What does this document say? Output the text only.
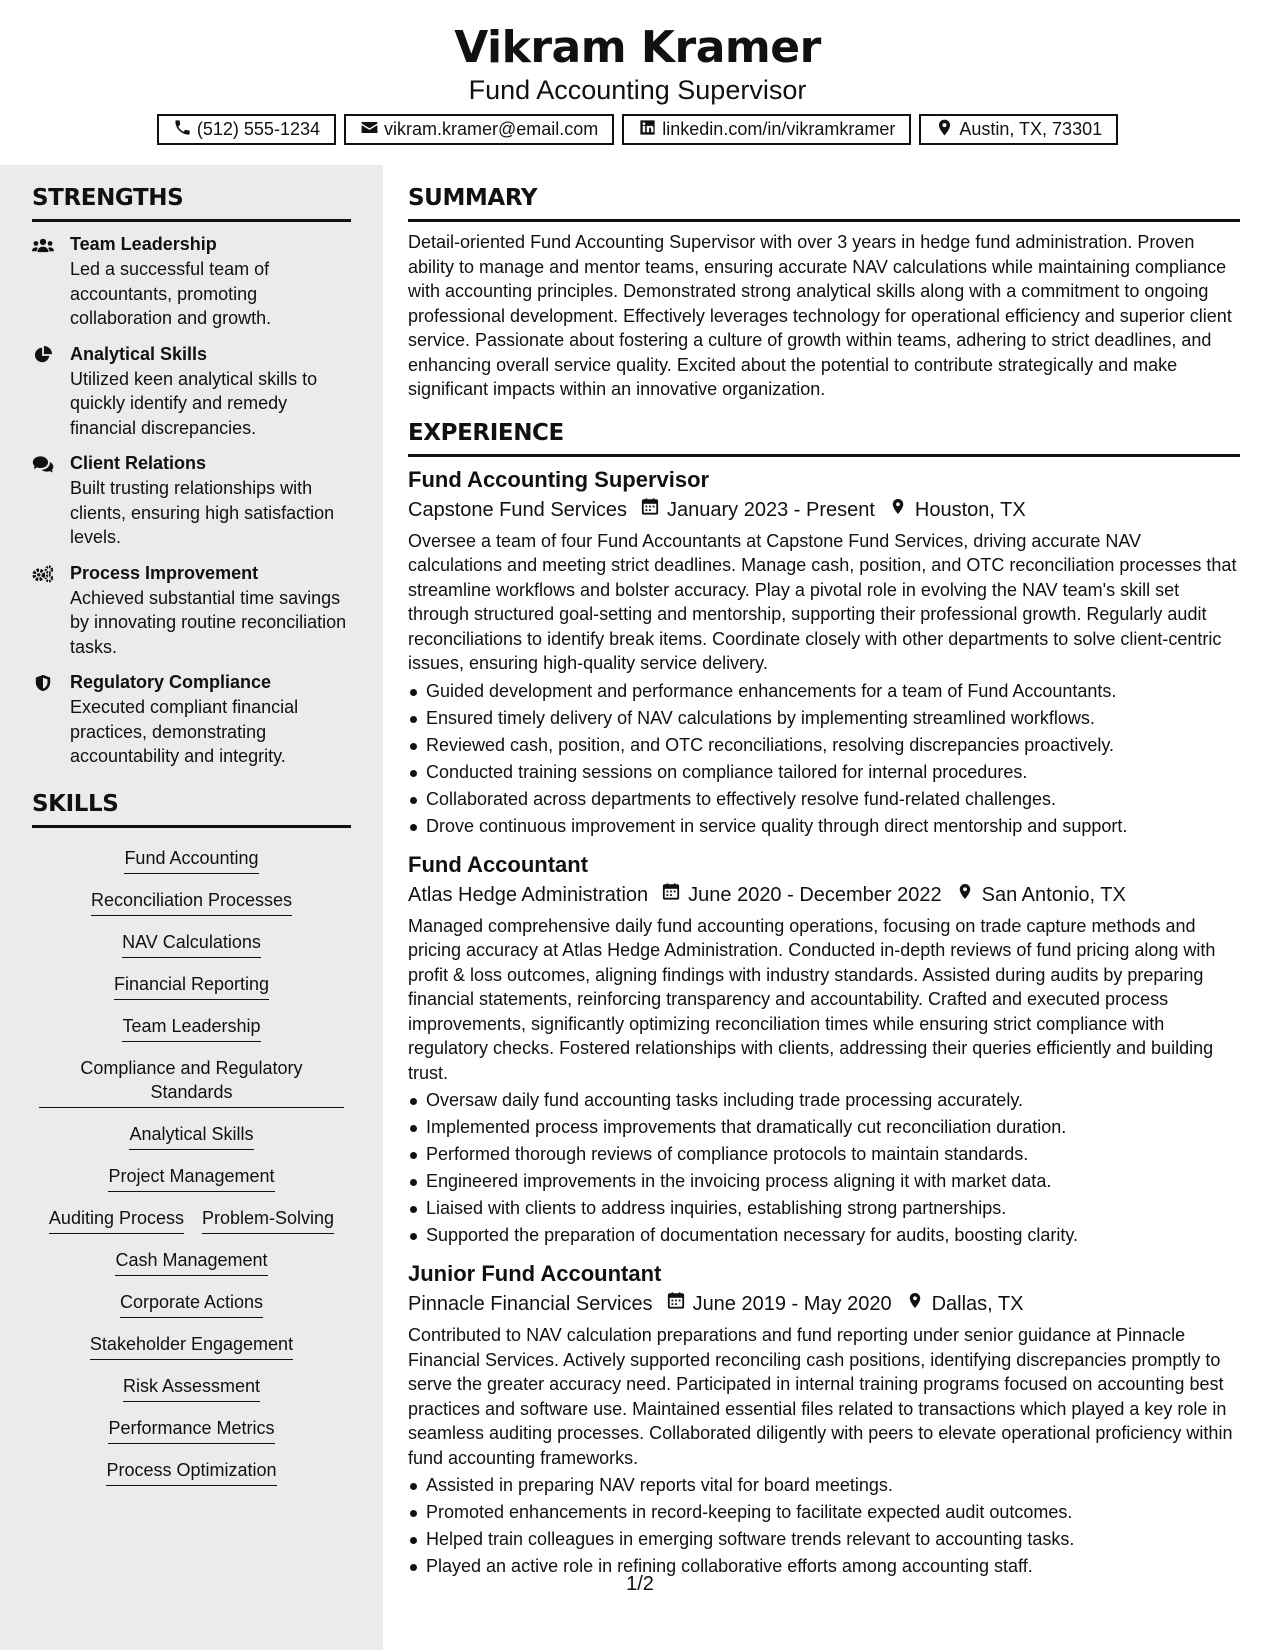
Vikram Kramer
Fund Accounting Supervisor
(512) 555-1234	vikram.kramer@email.com	linkedin.com/in/vikramkramer	Austin, TX, 73301
STRENGTHS
Team Leadership
Led a successful team of accountants, promoting collaboration and growth.
Analytical Skills
Utilized keen analytical skills to quickly identify and remedy financial discrepancies.
Client Relations
Built trusting relationships with clients, ensuring high satisfaction levels.
Process Improvement
Achieved substantial time savings by innovating routine reconciliation tasks.
Regulatory Compliance
Executed compliant financial practices, demonstrating accountability and integrity.
SKILLS
Fund Accounting
Reconciliation Processes
NAV Calculations
Financial Reporting
Team Leadership
Compliance and Regulatory Standards
Analytical Skills
Project Management
Auditing Process Problem-Solving
Cash Management
Corporate Actions
Stakeholder Engagement
Risk Assessment
Performance Metrics
Process Optimization
SUMMARY
Detail-oriented Fund Accounting Supervisor with over 3 years in hedge fund administration. Proven ability to manage and mentor teams, ensuring accurate NAV calculations while maintaining compliance with accounting principles. Demonstrated strong analytical skills along with a commitment to ongoing professional development. Effectively leverages technology for operational efficiency and superior client service. Passionate about fostering a culture of growth within teams, adhering to strict deadlines, and enhancing overall service quality. Excited about the potential to contribute strategically and make significant impacts within an innovative organization.
EXPERIENCE
Fund Accounting Supervisor
Capstone Fund Services January 2023 - Present Houston, TX
Oversee a team of four Fund Accountants at Capstone Fund Services, driving accurate NAV calculations and meeting strict deadlines. Manage cash, position, and OTC reconciliation processes that streamline workflows and bolster accuracy. Play a pivotal role in evolving the NAV team's skill set through structured goal-setting and mentorship, supporting their professional growth. Regularly audit reconciliations to identify break items. Coordinate closely with other departments to solve client-centric issues, ensuring high-quality service delivery.
Guided development and performance enhancements for a team of Fund Accountants.
Ensured timely delivery of NAV calculations by implementing streamlined workflows.
Reviewed cash, position, and OTC reconciliations, resolving discrepancies proactively.
Conducted training sessions on compliance tailored for internal procedures.
Collaborated across departments to effectively resolve fund-related challenges.
Drove continuous improvement in service quality through direct mentorship and support.
Fund Accountant
Atlas Hedge Administration June 2020 - December 2022 San Antonio, TX
Managed comprehensive daily fund accounting operations, focusing on trade capture methods and pricing accuracy at Atlas Hedge Administration. Conducted in-depth reviews of fund pricing along with profit & loss outcomes, aligning findings with industry standards. Assisted during audits by preparing financial statements, reinforcing transparency and accountability. Crafted and executed process improvements, significantly optimizing reconciliation times while ensuring strict compliance with regulatory checks. Fostered relationships with clients, addressing their queries efficiently and building trust.
Oversaw daily fund accounting tasks including trade processing accurately.
Implemented process improvements that dramatically cut reconciliation duration.
Performed thorough reviews of compliance protocols to maintain standards.
Engineered improvements in the invoicing process aligning it with market data.
Liaised with clients to address inquiries, establishing strong partnerships.
Supported the preparation of documentation necessary for audits, boosting clarity.
Junior Fund Accountant
Pinnacle Financial Services June 2019 - May 2020 Dallas, TX
Contributed to NAV calculation preparations and fund reporting under senior guidance at Pinnacle Financial Services. Actively supported reconciling cash positions, identifying discrepancies promptly to serve the greater accuracy need. Participated in internal training programs focused on accounting best practices and software use. Maintained essential files related to transactions which played a key role in seamless auditing processes. Collaborated diligently with peers to elevate operational proficiency within fund accounting frameworks.
Assisted in preparing NAV reports vital for board meetings.
Promoted enhancements in record-keeping to facilitate expected audit outcomes.
Helped train colleagues in emerging software trends relevant to accounting tasks.
Played an active role in refining collaborative efforts among accounting staff.
1/2
